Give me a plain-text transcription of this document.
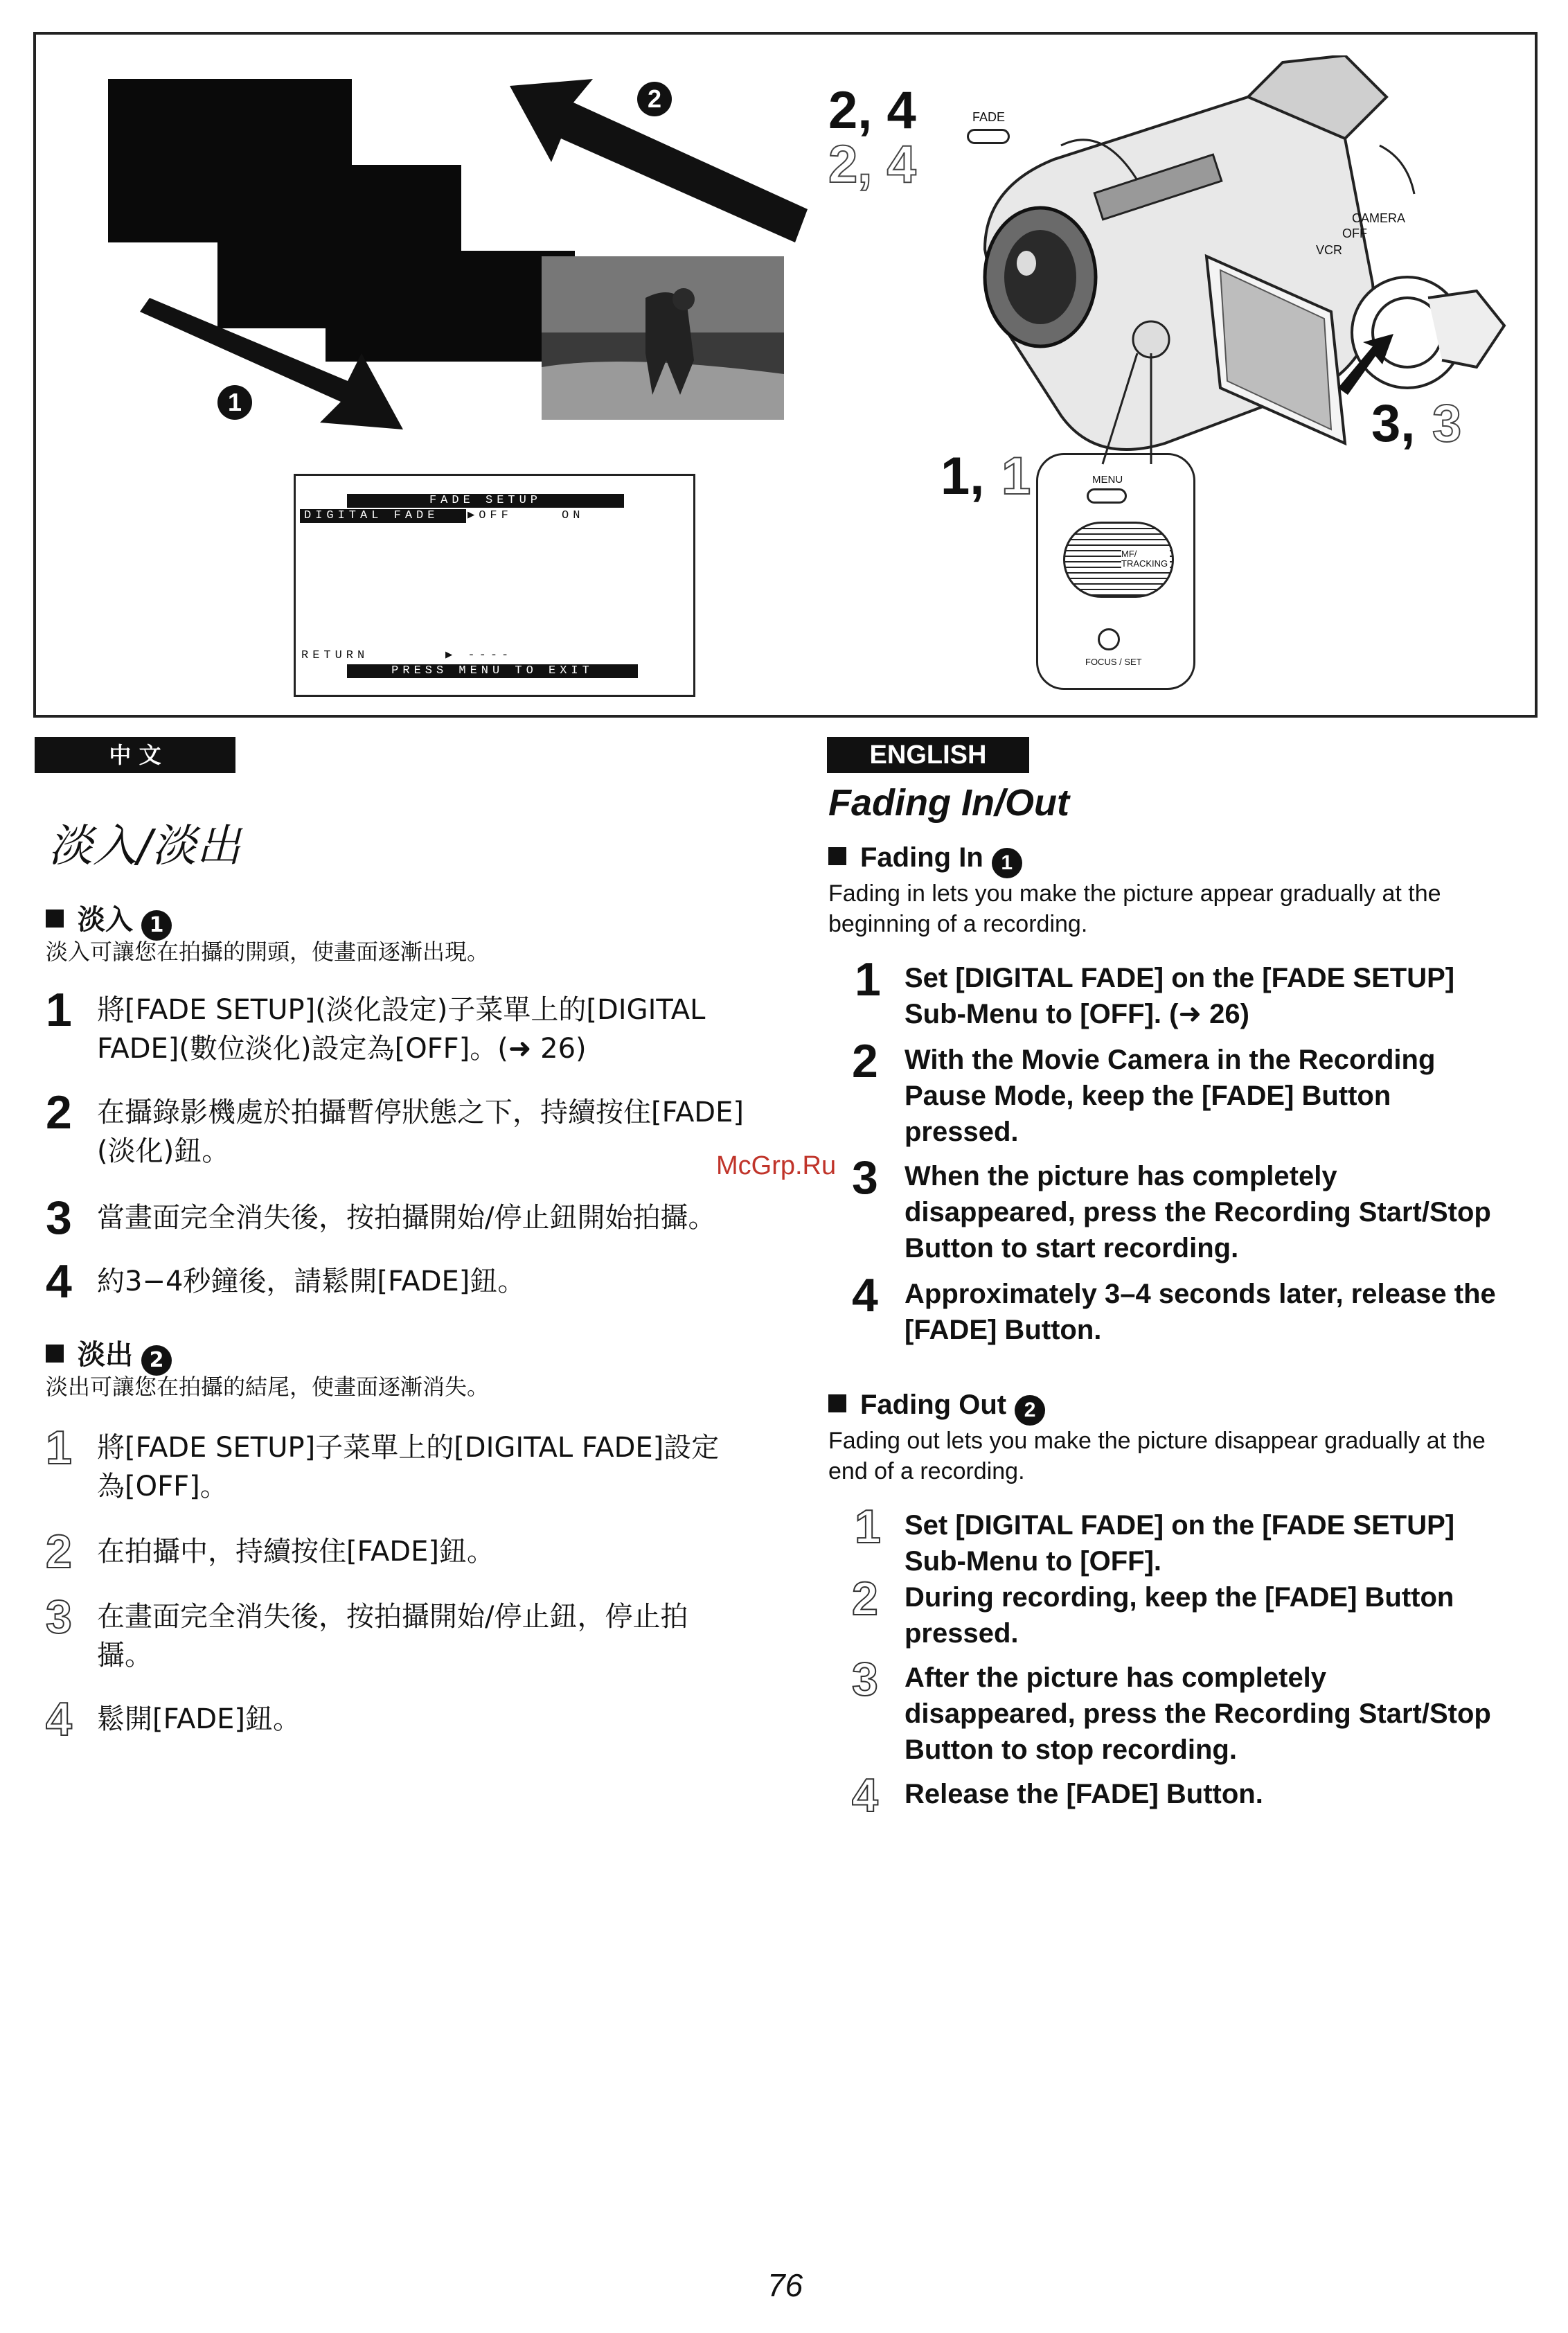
1
2
FADE SETUP
DIGITAL FADE	▶OFF	ON
RETURN	▶ ----
PRESS MENU TO EXIT
2, 4
2, 4
FADE
CAMERA
OFF
VCR
3, 3
1, 1	MENU
MF/ TRACKING
FOCUS / SET
中 文
淡入/淡出
淡入 1
淡入可讓您在拍攝的開頭，使畫面逐漸出現。
1 將[FADE SETUP](淡化設定)子菜單上的[DIGITAL
FADE](數位淡化)設定為[OFF]。(➜ 26)
2 在攝錄影機處於拍攝暫停狀態之下，持續按住[FADE]
(淡化)鈕。
3 當畫面完全消失後，按拍攝開始/停止鈕開始拍攝。
4 約3−4秒鐘後，請鬆開[FADE]鈕。
淡出 2
淡出可讓您在拍攝的結尾，使畫面逐漸消失。
1 將[FADE SETUP]子菜單上的[DIGITAL FADE]設定
為[OFF]。
2 在拍攝中，持續按住[FADE]鈕。
3 在畫面完全消失後，按拍攝開始/停止鈕，停止拍
攝。
4 鬆開[FADE]鈕。
ENGLISH
Fading In/Out
Fading In 1
Fading in lets you make the picture appear gradually at the
beginning of a recording.
1 Set [DIGITAL FADE] on the [FADE SETUP]
Sub-Menu to [OFF]. (➜ 26)
2 With the Movie Camera in the Recording
Pause Mode, keep the [FADE] Button
pressed.
3 When the picture has completely
disappeared, press the Recording Start/Stop
Button to start recording.
4 Approximately 3–4 seconds later, release the
[FADE] Button.
Fading Out 2
Fading out lets you make the picture disappear gradually at the
end of a recording.
1 Set [DIGITAL FADE] on the [FADE SETUP]
Sub-Menu to [OFF].
2 During recording, keep the [FADE] Button
pressed.
3 After the picture has completely
disappeared, press the Recording Start/Stop
Button to stop recording.
4 Release the [FADE] Button.
McGrp.Ru
76
